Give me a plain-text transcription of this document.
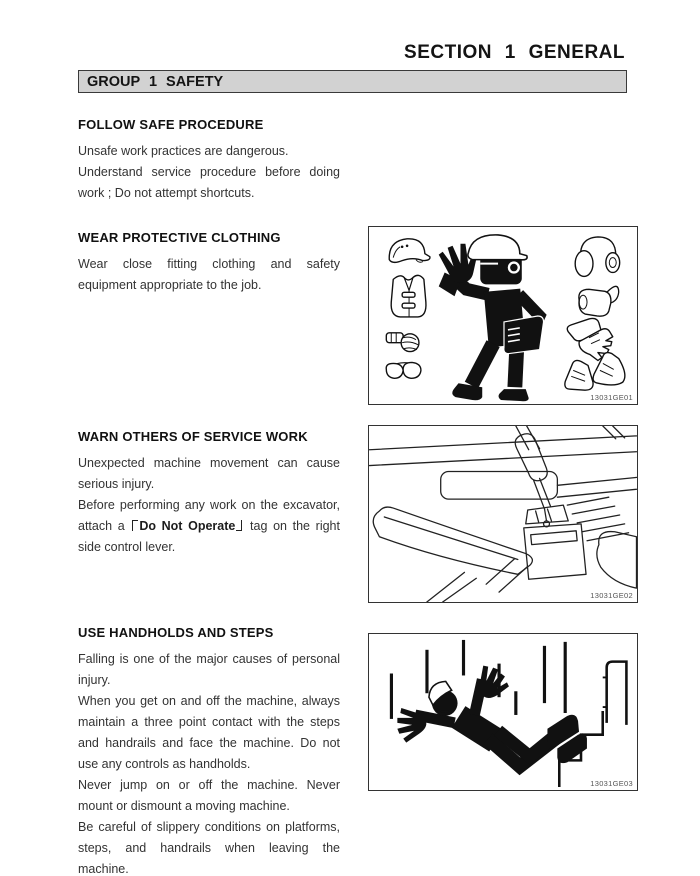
SECTION 1 GENERAL
GROUP 1 SAFETY
FOLLOW SAFE PROCEDURE

Unsafe work practices are dangerous.

Understand service procedure before doing work ; Do not attempt shortcuts.

WEAR PROTECTIVE CLOTHING

Wear close fitting clothing and safety equipment appropriate to the job.

WARN OTHERS OF SERVICE WORK

Unexpected machine movement can cause serious injury.

Before performing any work on the excavator, attach a Do Not Operate tag on the right side control lever.

USE HANDHOLDS AND STEPS

Falling is one of the major causes of personal injury.

When you get on and off the machine, always maintain a three point contact with the steps and handrails and face the machine. Do not use any controls as handholds.

Never jump on or off the machine. Never mount or dismount a moving machine.

Be careful of slippery conditions on platforms, steps, and handrails when leaving the machine.

13031GE01
13031GE02
13031GE03
